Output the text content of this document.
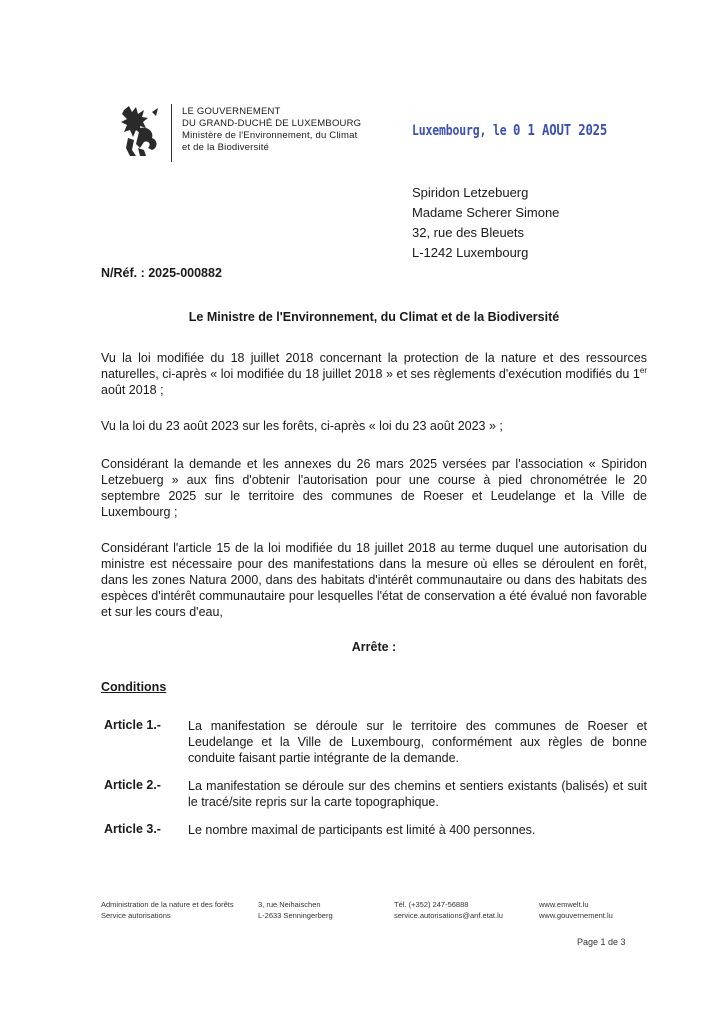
LE GOUVERNEMENT
DU GRAND-DUCHÉ DE LUXEMBOURG
Ministère de l'Environnement, du Climat
et de la Biodiversité
Luxembourg, le 0 1 AOUT 2025
Spiridon Letzebuerg
Madame Scherer Simone
32, rue des Bleuets
L-1242 Luxembourg
N/Réf. : 2025-000882
Le Ministre de l'Environnement, du Climat et de la Biodiversité
Vu la loi modifiée du 18 juillet 2018 concernant la protection de la nature et des ressources naturelles, ci-après « loi modifiée du 18 juillet 2018 » et ses règlements d'exécution modifiés du 1er août 2018 ;
Vu la loi du 23 août 2023 sur les forêts, ci-après « loi du 23 août 2023 » ;
Considérant la demande et les annexes du 26 mars 2025 versées par l'association « Spiridon Letzebuerg » aux fins d'obtenir l'autorisation pour une course à pied chronométrée le 20 septembre 2025 sur le territoire des communes de Roeser et Leudelange et la Ville de Luxembourg ;
Considérant l'article 15 de la loi modifiée du 18 juillet 2018 au terme duquel une autorisation du ministre est nécessaire pour des manifestations dans la mesure où elles se déroulent en forêt, dans les zones Natura 2000, dans des habitats d'intérêt communautaire ou dans des habitats des espèces d'intérêt communautaire pour lesquelles l'état de conservation a été évalué non favorable et sur les cours d'eau,
Arrête :
Conditions
Article 1.- La manifestation se déroule sur le territoire des communes de Roeser et Leudelange et la Ville de Luxembourg, conformément aux règles de bonne conduite faisant partie intégrante de la demande.
Article 2.- La manifestation se déroule sur des chemins et sentiers existants (balisés) et suit le tracé/site repris sur la carte topographique.
Article 3.- Le nombre maximal de participants est limité à 400 personnes.
Administration de la nature et des forêts
Service autorisations
3, rue Neihaischen
L-2633 Senningerberg
Tél. (+352) 247-56888
service.autorisations@anf.etat.lu
www.emwelt.lu
www.gouvernement.lu
Page 1 de 3
